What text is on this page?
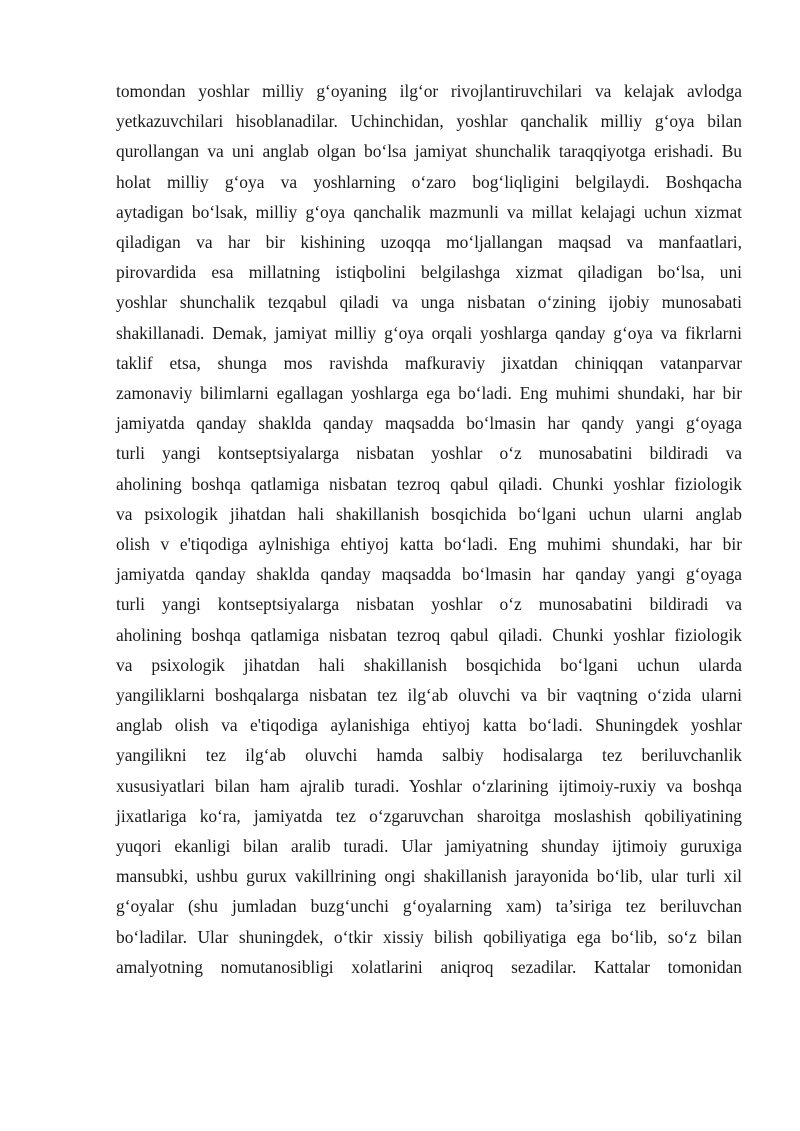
tomondan yoshlar milliy g‘oyaning ilg‘or rivojlantiruvchilari va kelajak avlodga
yetkazuvchilari hisoblanadilar. Uchinchidan, yoshlar qanchalik milliy g‘oya bilan
qurollangan va uni anglab olgan bo‘lsa jamiyat shunchalik taraqqiyotga erishadi. Bu
holat milliy g‘oya va yoshlarning o‘zaro bog‘liqligini belgilaydi. Boshqacha
aytadigan bo‘lsak, milliy g‘oya qanchalik mazmunli va millat kelajagi uchun xizmat
qiladigan va har bir kishining uzoqqa mo‘ljallangan maqsad va manfaatlari,
pirovardida esa millatning istiqbolini belgilashga xizmat qiladigan bo‘lsa, uni
yoshlar shunchalik tezqabul qiladi va unga nisbatan o‘zining ijobiy munosabati
shakillanadi. Demak, jamiyat milliy g‘oya orqali yoshlarga qanday g‘oya va fikrlarni
taklif etsa, shunga mos ravishda mafkuraviy jixatdan chiniqqan vatanparvar
zamonaviy bilimlarni egallagan yoshlarga ega bo‘ladi. Eng muhimi shundaki, har bir
jamiyatda qanday shaklda qanday maqsadda bo‘lmasin har qandy yangi g‘oyaga
turli yangi kontseptsiyalarga nisbatan yoshlar o‘z munosabatini bildiradi va
aholining boshqa qatlamiga nisbatan tezroq qabul qiladi. Chunki yoshlar fiziologik
va psixologik jihatdan hali shakillanish bosqichida bo‘lgani uchun ularni anglab
olish v e'tiqodiga aylnishiga ehtiyoj katta bo‘ladi. Eng muhimi shundaki, har bir
jamiyatda qanday shaklda qanday maqsadda bo‘lmasin har qanday yangi g‘oyaga
turli yangi kontseptsiyalarga nisbatan yoshlar o‘z munosabatini bildiradi va
aholining boshqa qatlamiga nisbatan tezroq qabul qiladi. Chunki yoshlar fiziologik
va psixologik jihatdan hali shakillanish bosqichida bo‘lgani uchun ularda
yangiliklarni boshqalarga nisbatan tez ilg‘ab oluvchi va bir vaqtning o‘zida ularni
anglab olish va e'tiqodiga aylanishiga ehtiyoj katta bo‘ladi. Shuningdek yoshlar
yangilikni tez ilg‘ab oluvchi hamda salbiy hodisalarga tez beriluvchanlik
xususiyatlari bilan ham ajralib turadi. Yoshlar o‘zlarining ijtimoiy-ruxiy va boshqa
jixatlariga ko‘ra, jamiyatda tez o‘zgaruvchan sharoitga moslashish qobiliyatining
yuqori ekanligi bilan aralib turadi. Ular jamiyatning shunday ijtimoiy guruxiga
mansubki, ushbu gurux vakillrining ongi shakillanish jarayonida bo‘lib, ular turli xil
g‘oyalar (shu jumladan buzg‘unchi g‘oyalarning xam) ta’siriga tez beriluvchan
bo‘ladilar. Ular shuningdek, o‘tkir xissiy bilish qobiliyatiga ega bo‘lib, so‘z bilan
amalyotning nomutanosibligi xolatlarini aniqroq sezadilar. Kattalar tomonidan
